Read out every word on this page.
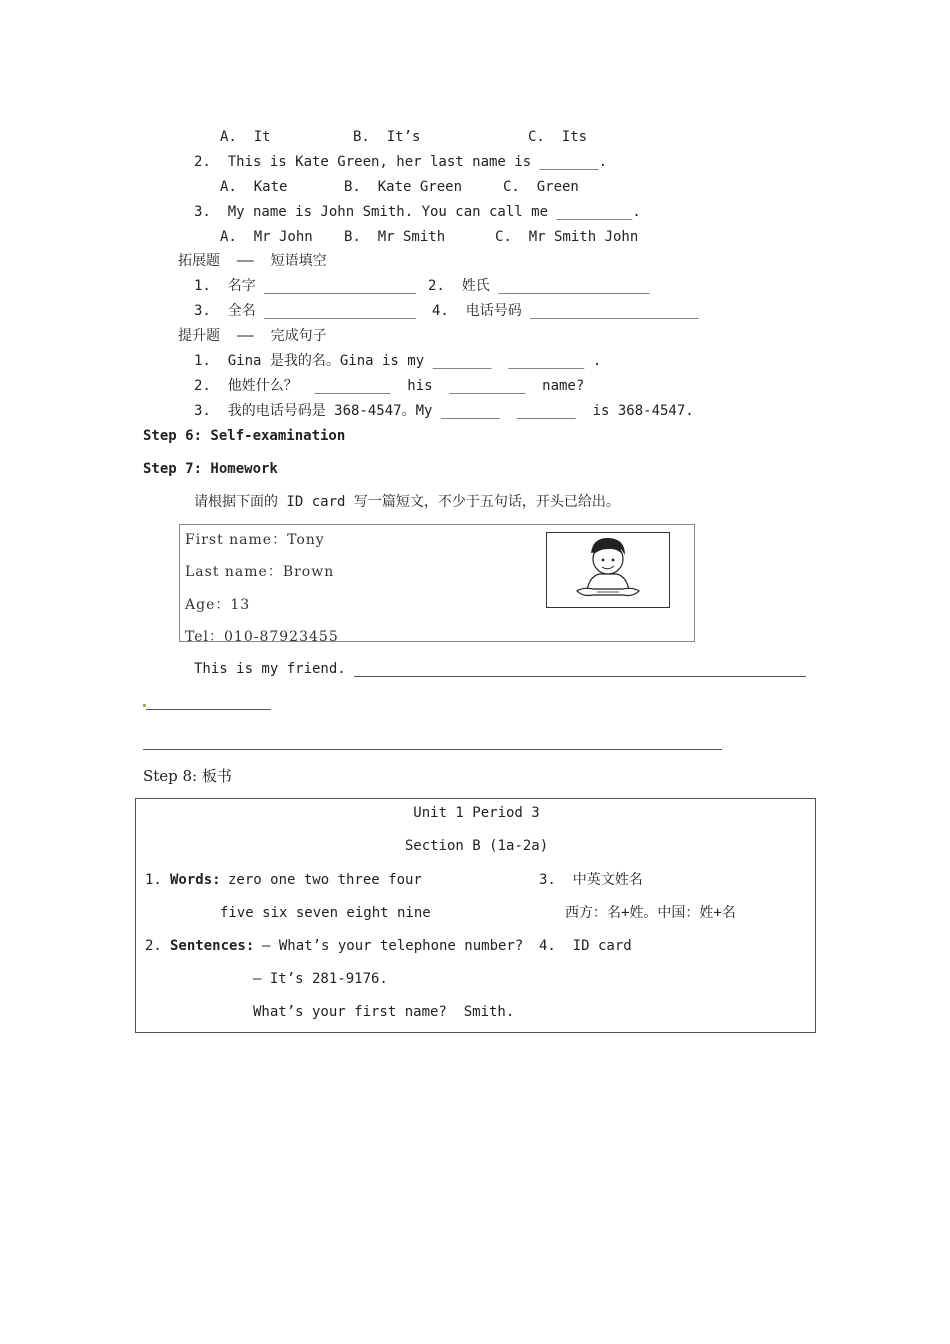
A.  It	B.  It’s	C.  Its
2.  This is Kate Green, her last name is _______.
A.  Kate	B.  Kate Green	C.  Green
3.  My name is John Smith. You can call me _________.
A.  Mr John B.  Mr Smith	C.  Mr Smith John
拓展题  ——  短语填空
1.  名字 __________________ 2.  姓氏 __________________
3.  全名 __________________ 4.  电话号码 ____________________
提升题  ——  完成句子
1.  Gina 是我的名。Gina is my _______  _________ .
2.  他姓什么？  _________  his  _________  name?
3.  我的电话号码是 368-4547。My _______  _______  is 368-4547.
Step 6: Self-examination
Step 7: Homework
请根据下面的 ID card 写一篇短文，不少于五句话，开头已给出。
First name：Tony
Last name：Brown
Age：13
Tel：010-87923455
This is my friend.
Step 8: 板书
Unit 1 Period 3
Section B (1a-2a)
1. Words: zero one two three four
five six seven eight nine
2. Sentences: — What’s your telephone number?
— It’s 281-9176.
What’s your first name?  Smith.
3.  中英文姓名
西方：名+姓。中国：姓+名
4.  ID card
